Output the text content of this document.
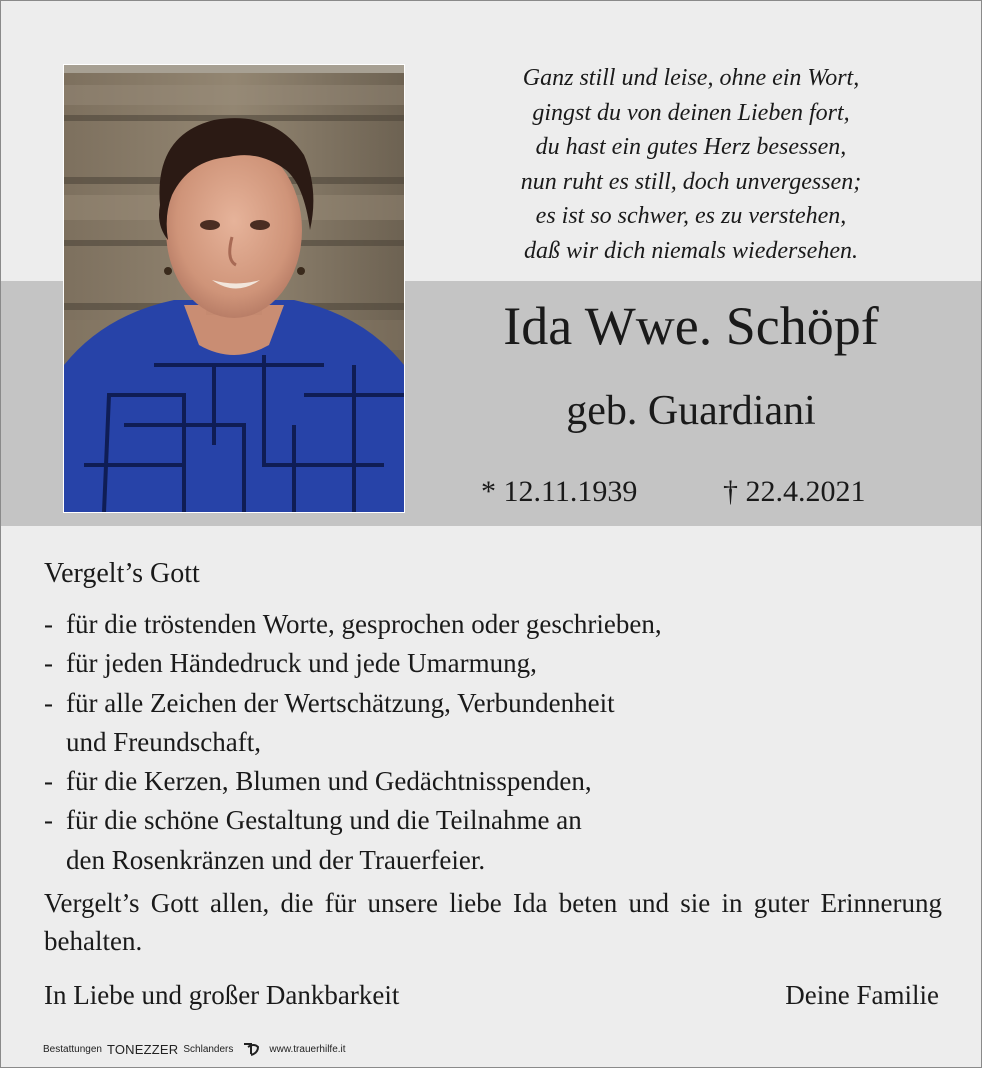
Ganz still und leise, ohne ein Wort,
gingst du von deinen Lieben fort,
du hast ein gutes Herz besessen,
nun ruht es still, doch unvergessen;
es ist so schwer, es zu verstehen,
daß wir dich niemals wiedersehen.
Ida Wwe. Schöpf
geb. Guardiani
* 12.11.1939	† 22.4.2021
Vergelt’s Gott
- für die tröstenden Worte, gesprochen oder geschrieben,
- für jeden Händedruck und jede Umarmung,
- für alle Zeichen der Wertschätzung, Verbundenheit
und Freundschaft,
- für die Kerzen, Blumen und Gedächtnisspenden,
- für die schöne Gestaltung und die Teilnahme an
den Rosenkränzen und der Trauerfeier.
Vergelt’s Gott allen, die für unsere liebe Ida beten und sie in guter Erinnerung behalten.
In Liebe und großer Dankbarkeit	Deine Familie
Bestattungen TONEZZER Schlanders	www.trauerhilfe.it
